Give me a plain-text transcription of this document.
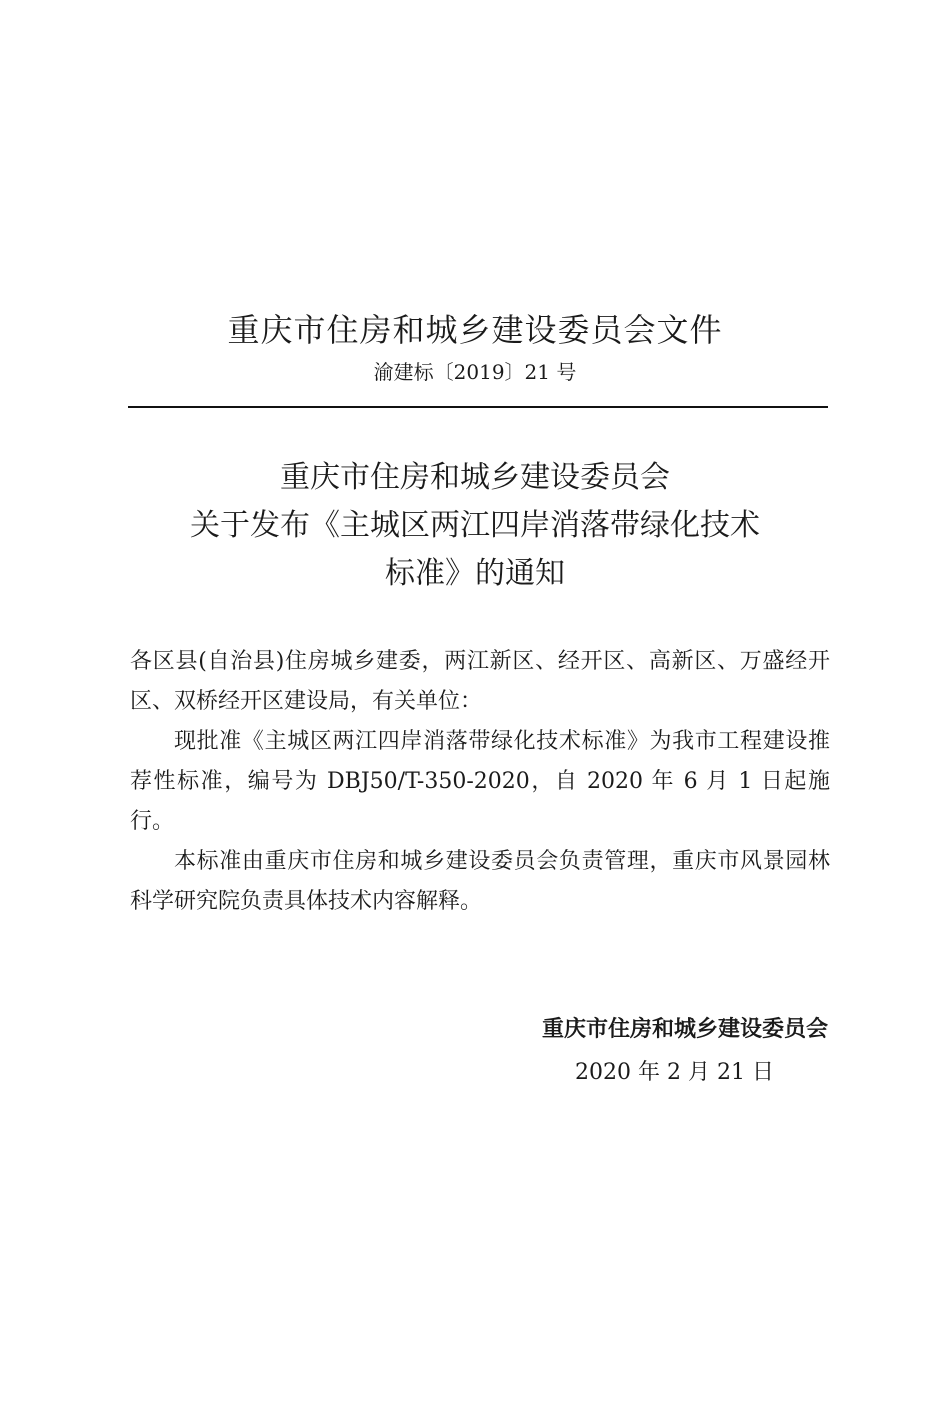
重庆市住房和城乡建设委员会文件
渝建标〔2019〕21 号
重庆市住房和城乡建设委员会
关于发布《主城区两江四岸消落带绿化技术
标准》的通知

各区县(自治县)住房城乡建委，两江新区、经开区、高新区、万盛经开区、双桥经开区建设局，有关单位：

现批准《主城区两江四岸消落带绿化技术标准》为我市工程建设推荐性标准，编号为 DBJ50/T-350-2020，自 2020 年 6 月 1 日起施行。

本标准由重庆市住房和城乡建设委员会负责管理，重庆市风景园林科学研究院负责具体技术内容解释。

重庆市住房和城乡建设委员会
2020 年 2 月 21 日
